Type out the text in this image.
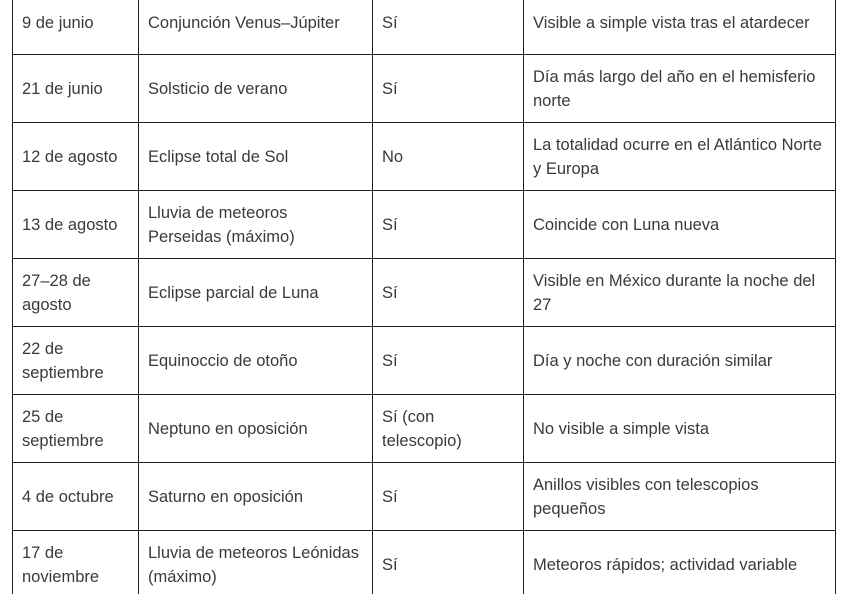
9 de junio	Conjunción Venus–Júpiter	Sí	Visible a simple vista tras el atardecer
21 de junio	Solsticio de verano	Sí	Día más largo del año en el hemisferio norte
12 de agosto	Eclipse total de Sol	No	La totalidad ocurre en el Atlántico Norte y Europa
13 de agosto	Lluvia de meteoros Perseidas (máximo)	Sí	Coincide con Luna nueva
27–28 de agosto	Eclipse parcial de Luna	Sí	Visible en México durante la noche del 27
22 de septiembre	Equinoccio de otoño	Sí	Día y noche con duración similar
25 de septiembre	Neptuno en oposición	Sí (con telescopio)	No visible a simple vista
4 de octubre	Saturno en oposición	Sí	Anillos visibles con telescopios pequeños
17 de noviembre	Lluvia de meteoros Leónidas (máximo)	Sí	Meteoros rápidos; actividad variable
